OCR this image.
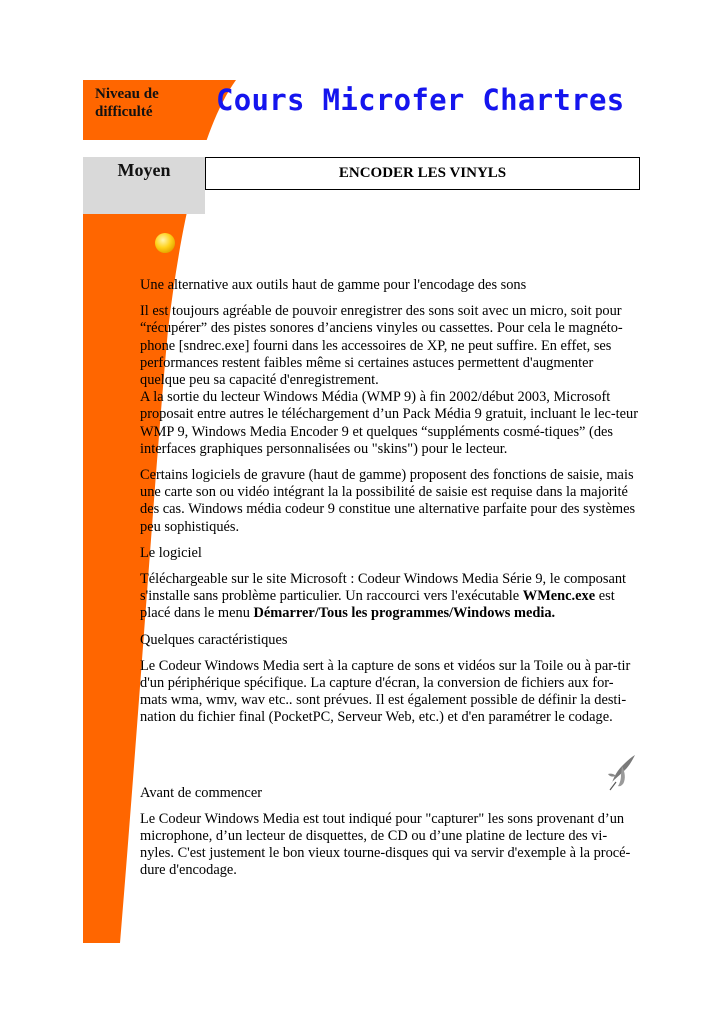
Niveau de difficulté	Cours Microfer Chartres
Moyen	ENCODER LES VINYLS

Une alternative aux outils haut de gamme pour l'encodage des sons

Il est toujours agréable de pouvoir enregistrer des sons soit avec un micro, soit pour “récupérer” des pistes sonores d’anciens vinyles ou cassettes. Pour cela le magnéto-phone [sndrec.exe] fourni dans les accessoires de XP, ne peut suffire. En effet, ses performances restent faibles même si certaines astuces permettent d'augmenter quelque peu sa capacité d'enregistrement.

A la sortie du lecteur Windows Média (WMP 9) à fin 2002/début 2003, Microsoft proposait entre autres le téléchargement d’un Pack Média 9 gratuit, incluant le lec-teur WMP 9, Windows Media Encoder 9 et quelques “suppléments cosmé-tiques” (des interfaces graphiques personnalisées ou "skins") pour le lecteur.

Certains logiciels de gravure (haut de gamme) proposent des fonctions de saisie, mais une carte son ou vidéo intégrant la la possibilité de saisie est requise dans la majorité des cas. Windows média codeur 9 constitue une alternative parfaite pour des systèmes peu sophistiqués.

Le logiciel

Téléchargeable sur le site Microsoft : Codeur Windows Media Série 9, le composant s'installe sans problème particulier. Un raccourci vers l'exécutable WMenc.exe est placé dans le menu Démarrer/Tous les programmes/Windows media.

Quelques caractéristiques

Le Codeur Windows Media sert à la capture de sons et vidéos sur la Toile ou à par-tir d'un périphérique spécifique. La capture d'écran, la conversion de fichiers aux for-mats wma, wmv, wav etc.. sont prévues. Il est également possible de définir la desti-nation du fichier final (PocketPC, Serveur Web, etc.) et d'en paramétrer le codage.

Avant de commencer

Le Codeur Windows Media est tout indiqué pour "capturer" les sons provenant d’un microphone, d’un lecteur de disquettes, de CD ou d’une platine de lecture des vi-nyles. C'est justement le bon vieux tourne-disques qui va servir d'exemple à la procé-dure d'encodage.
